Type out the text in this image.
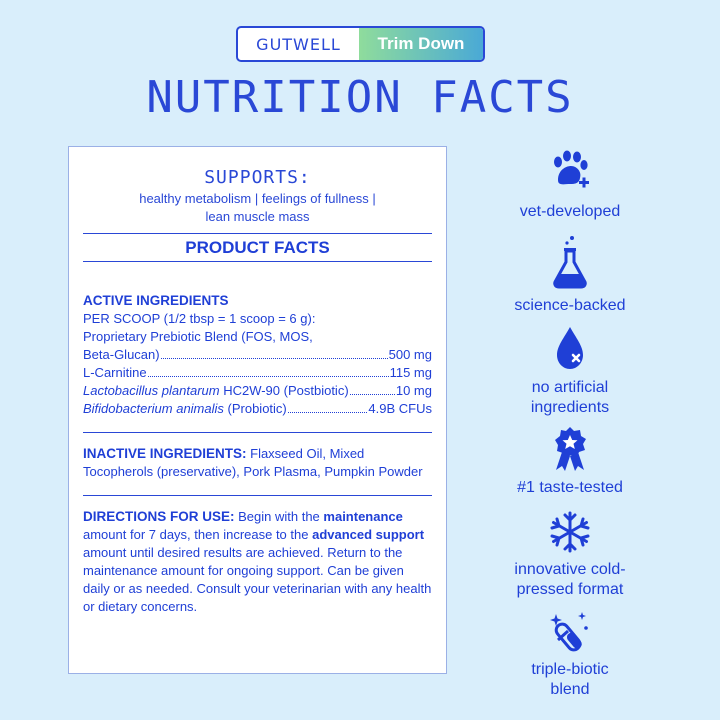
GUTWELL	Trim Down
NUTRITION FACTS
SUPPORTS:
healthy metabolism | feelings of fullness |
lean muscle mass
PRODUCT FACTS
ACTIVE INGREDIENTS
PER SCOOP (1/2 tbsp = 1 scoop = 6 g):
Proprietary Prebiotic Blend (FOS, MOS,
Beta-Glucan)	500 mg
L-Carnitine	115 mg
Lactobacillus plantarum HC2W-90 (Postbiotic)	10 mg
Bifidobacterium animalis (Probiotic)	4.9B CFUs
INACTIVE INGREDIENTS: Flaxseed Oil, Mixed Tocopherols (preservative), Pork Plasma, Pumpkin Powder
DIRECTIONS FOR USE: Begin with the maintenance amount for 7 days, then increase to the advanced support amount until desired results are achieved. Return to the maintenance amount for ongoing support. Can be given daily or as needed. Consult your veterinarian with any health or dietary concerns.
vet-developed
science-backed
no artificial
ingredients
#1 taste-tested
innovative cold-
pressed format
triple-biotic
blend
